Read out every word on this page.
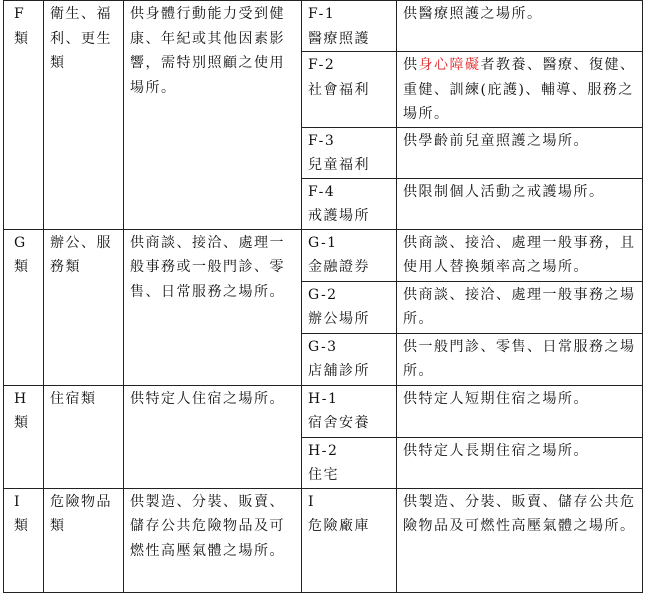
F
類	衛生、福利、更生類	供身體行動能力受到健康、年紀或其他因素影響，需特別照顧之使用場所。	F-1
醫療照護	供醫療照護之場所。

			F-2
社會福利	供身心障礙者教養、醫療、復健、重健、訓練(庇護)、輔導、服務之場所。

			F-3
兒童福利	供學齡前兒童照護之場所。

			F-4
戒護場所	供限制個人活動之戒護場所。

G
類	辦公、服務類	供商談、接洽、處理一般事務或一般門診、零售、日常服務之場所。	G-1
金融證券	供商談、接洽、處理一般事務，且使用人替換頻率高之場所。

			G-2
辦公場所	供商談、接洽、處理一般事務之場所。

			G-3
店舖診所	供一般門診、零售、日常服務之場所。

H
類	住宿類	供特定人住宿之場所。	H-1
宿舍安養	供特定人短期住宿之場所。

			H-2
住宅	供特定人長期住宿之場所。

I
類	危險物品類	供製造、分裝、販賣、儲存公共危險物品及可燃性高壓氣體之場所。	I
危險廠庫	供製造、分裝、販賣、儲存公共危險物品及可燃性高壓氣體之場所。
